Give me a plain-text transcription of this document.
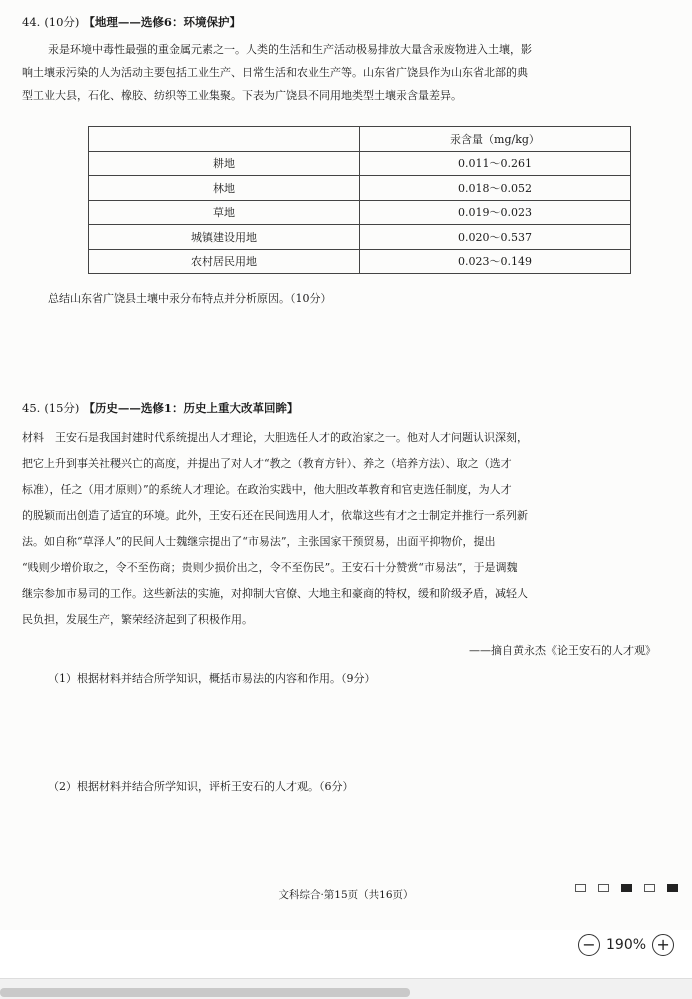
44. (10分) 【地理——选修6：环境保护】
汞是环境中毒性最强的重金属元素之一。人类的生活和生产活动极易排放大量含汞废物进入土壤，影
响土壤汞污染的人为活动主要包括工业生产、日常生活和农业生产等。山东省广饶县作为山东省北部的典
型工业大县，石化、橡胶、纺织等工业集聚。下表为广饶县不同用地类型土壤汞含量差异。
	汞含量（mg/kg）
耕地	0.011～0.261
林地	0.018～0.052
草地	0.019～0.023
城镇建设用地	0.020～0.537
农村居民用地	0.023～0.149
总结山东省广饶县土壤中汞分布特点并分析原因。（10分）
45. (15分) 【历史——选修1：历史上重大改革回眸】
材料　王安石是我国封建时代系统提出人才理论，大胆选任人才的政治家之一。他对人才问题认识深刻，
把它上升到事关社稷兴亡的高度，并提出了对人才“教之（教育方针）、养之（培养方法）、取之（选才
标准），任之（用才原则）”的系统人才理论。在政治实践中，他大胆改革教育和官吏选任制度，为人才
的脱颖而出创造了适宜的环境。此外，王安石还在民间选用人才，依靠这些有才之士制定并推行一系列新
法。如自称“草泽人”的民间人士魏继宗提出了“市易法”，主张国家干预贸易，出面平抑物价，提出
“贱则少增价取之，令不至伤商；贵则少损价出之，令不至伤民”。王安石十分赞赏“市易法”，于是调魏
继宗参加市易司的工作。这些新法的实施，对抑制大官僚、大地主和豪商的特权，缓和阶级矛盾，减轻人
民负担，发展生产，繁荣经济起到了积极作用。
——摘自黄永杰《论王安石的人才观》
（1）根据材料并结合所学知识，概括市易法的内容和作用。（9分）
（2）根据材料并结合所学知识，评析王安石的人才观。（6分）
文科综合·第15页（共16页）
− 190% +
